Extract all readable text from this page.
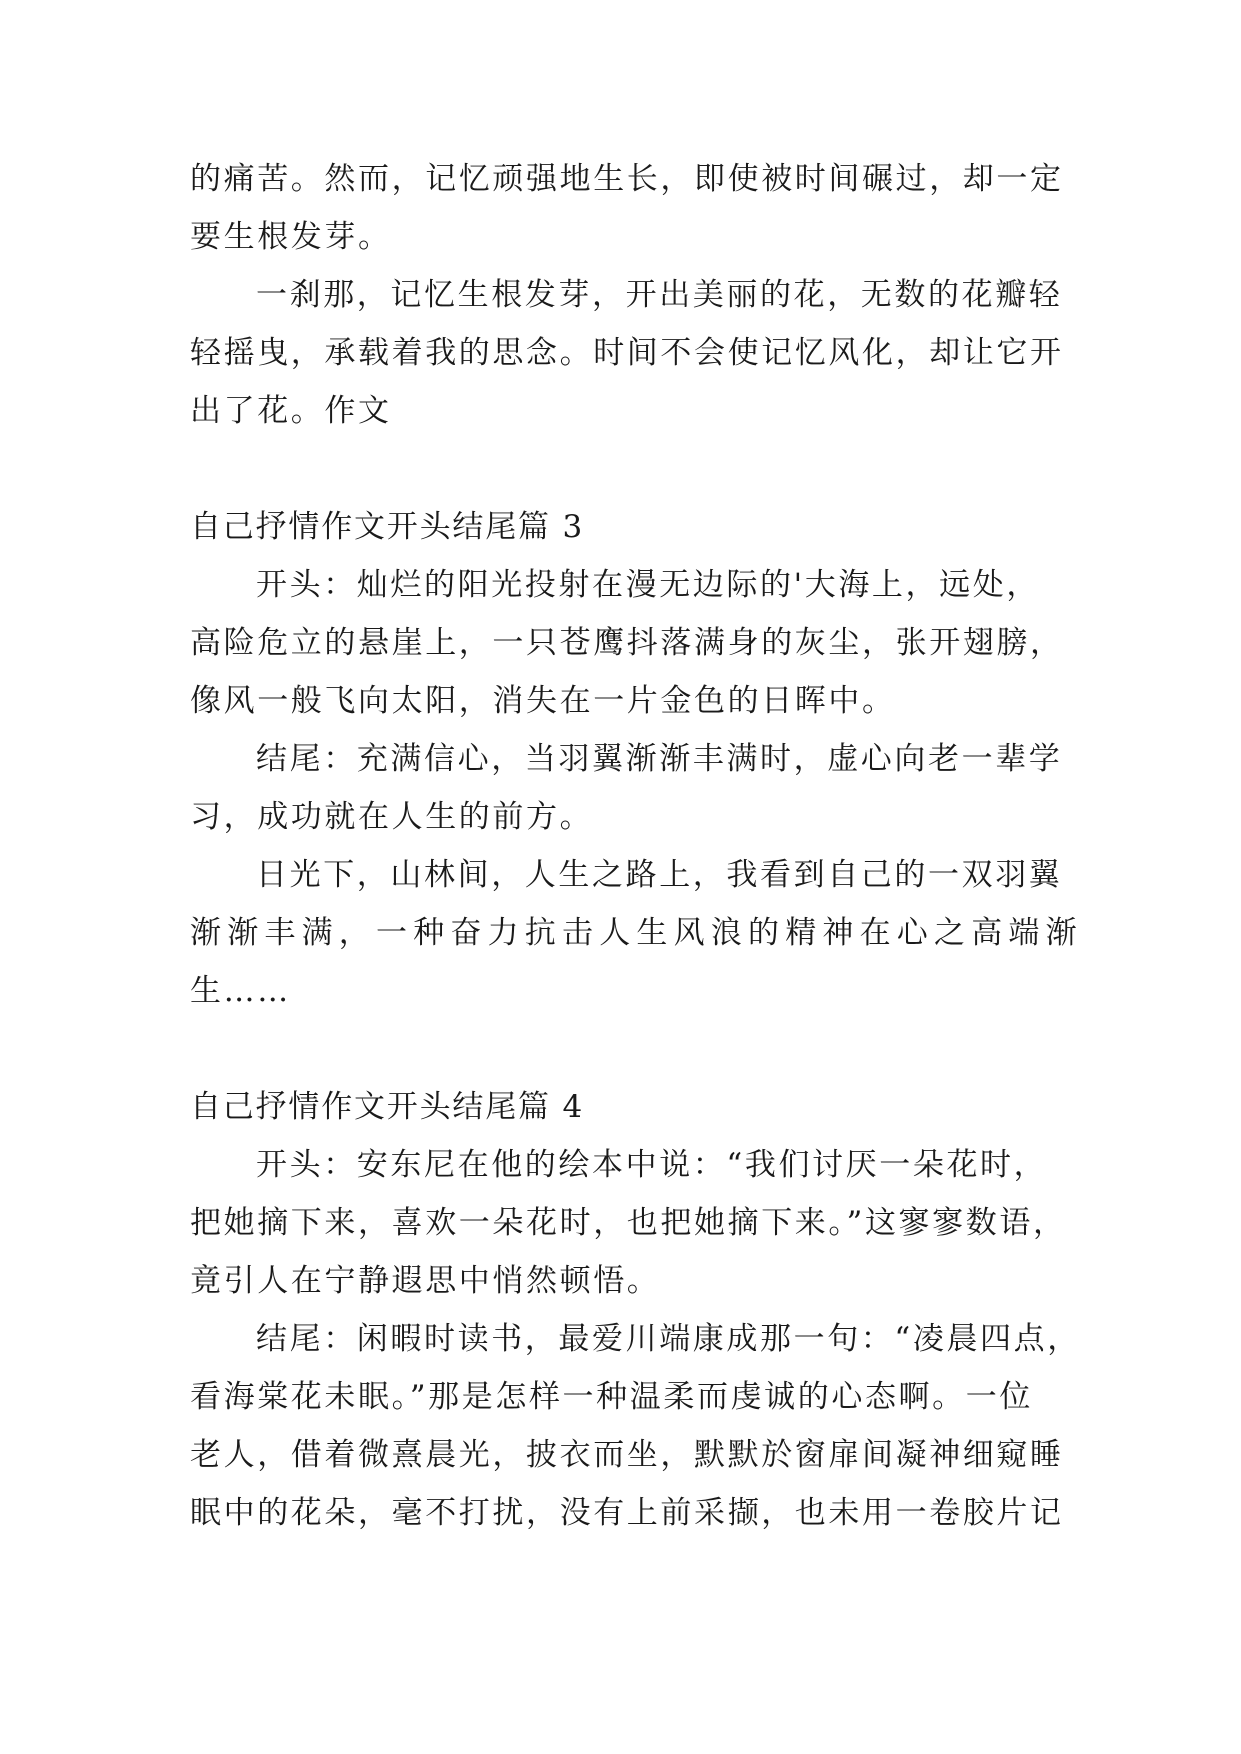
的痛苦。然而，记忆顽强地生长，即使被时间碾过，却一定
要生根发芽。
一刹那，记忆生根发芽，开出美丽的花，无数的花瓣轻
轻摇曳，承载着我的思念。时间不会使记忆风化，却让它开
出了花。作文
自己抒情作文开头结尾篇 3
开头：灿烂的阳光投射在漫无边际的'大海上，远处，
高险危立的悬崖上，一只苍鹰抖落满身的灰尘，张开翅膀，
像风一般飞向太阳，消失在一片金色的日晖中。
结尾：充满信心，当羽翼渐渐丰满时，虚心向老一辈学
习，成功就在人生的前方。
日光下，山林间，人生之路上，我看到自己的一双羽翼
渐渐丰满，一种奋力抗击人生风浪的精神在心之高端渐
生……
自己抒情作文开头结尾篇 4
开头：安东尼在他的绘本中说：“我们讨厌一朵花时，
把她摘下来，喜欢一朵花时，也把她摘下来。”这寥寥数语，
竟引人在宁静遐思中悄然顿悟。
结尾：闲暇时读书，最爱川端康成那一句：“凌晨四点，
看海棠花未眠。”那是怎样一种温柔而虔诚的心态啊。一位
老人，借着微熹晨光，披衣而坐，默默於窗扉间凝神细窥睡
眠中的花朵，毫不打扰，没有上前采撷，也未用一卷胶片记
